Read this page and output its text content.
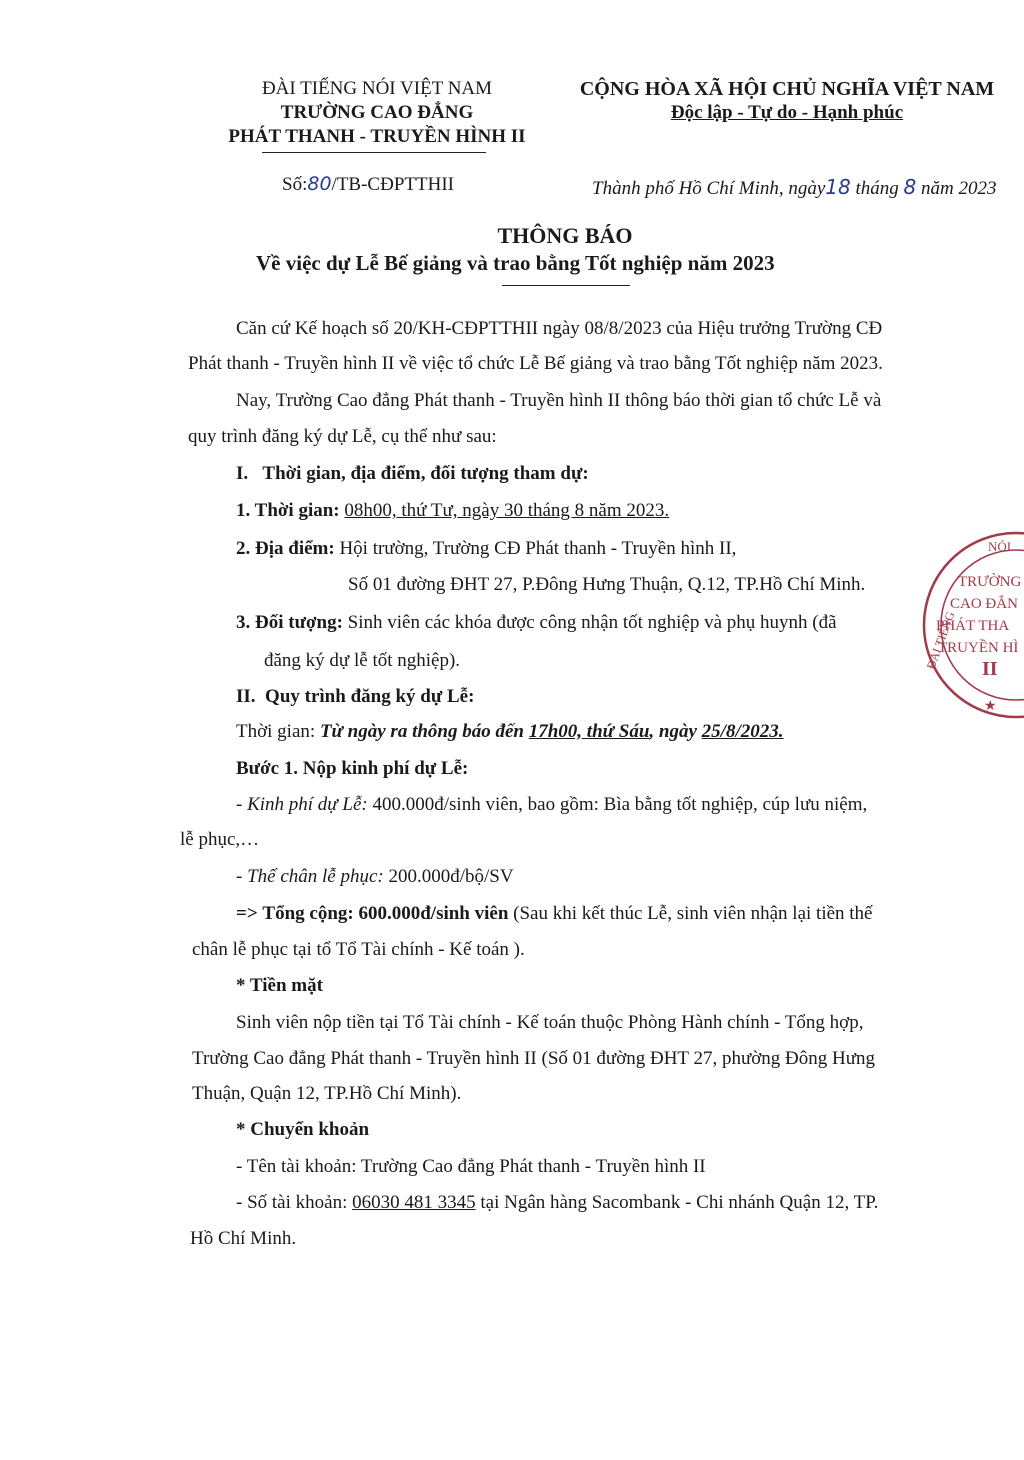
ĐÀI TIẾNG NÓI VIỆT NAM
TRƯỜNG CAO ĐẲNG
PHÁT THANH - TRUYỀN HÌNH II
CỘNG HÒA XÃ HỘI CHỦ NGHĨA VIỆT NAM
Độc lập - Tự do - Hạnh phúc
Số:80/TB-CĐPTTHII	Thành phố Hồ Chí Minh, ngày18 tháng 8 năm 2023
THÔNG BÁO
Về việc dự Lễ Bế giảng và trao bằng Tốt nghiệp năm 2023
Căn cứ Kế hoạch số 20/KH-CĐPTTHII ngày 08/8/2023 của Hiệu trưởng Trường CĐ
Phát thanh - Truyền hình II về việc tổ chức Lễ Bế giảng và trao bằng Tốt nghiệp năm 2023.
Nay, Trường Cao đẳng Phát thanh - Truyền hình II thông báo thời gian tổ chức Lễ và
quy trình đăng ký dự Lễ, cụ thể như sau:
I. Thời gian, địa điểm, đối tượng tham dự:
1. Thời gian: 08h00, thứ Tư, ngày 30 tháng 8 năm 2023.
2. Địa điểm: Hội trường, Trường CĐ Phát thanh - Truyền hình II,
Số 01 đường ĐHT 27, P.Đông Hưng Thuận, Q.12, TP.Hồ Chí Minh.
3. Đối tượng: Sinh viên các khóa được công nhận tốt nghiệp và phụ huynh (đã
đăng ký dự lễ tốt nghiệp).
II. Quy trình đăng ký dự Lễ:
Thời gian: Từ ngày ra thông báo đến 17h00, thứ Sáu, ngày 25/8/2023.
Bước 1. Nộp kinh phí dự Lễ:
- Kinh phí dự Lễ: 400.000đ/sinh viên, bao gồm: Bìa bằng tốt nghiệp, cúp lưu niệm,
lễ phục,…
- Thế chân lễ phục: 200.000đ/bộ/SV
=> Tổng cộng: 600.000đ/sinh viên (Sau khi kết thúc Lễ, sinh viên nhận lại tiền thế
chân lễ phục tại tổ Tổ Tài chính - Kế toán ).
* Tiền mặt
Sinh viên nộp tiền tại Tổ Tài chính - Kế toán thuộc Phòng Hành chính - Tổng hợp,
Trường Cao đẳng Phát thanh - Truyền hình II (Số 01 đường ĐHT 27, phường Đông Hưng
Thuận, Quận 12, TP.Hồ Chí Minh).
* Chuyển khoản
- Tên tài khoản: Trường Cao đẳng Phát thanh - Truyền hình II
- Số tài khoản: 06030 481 3345 tại Ngân hàng Sacombank - Chi nhánh Quận 12, TP.
Hồ Chí Minh.
NÓI
ĐÀI TIẾNG
TRƯỜNG
CAO ĐẲN
PHÁT THA
TRUYỀN HÌ
II
★
